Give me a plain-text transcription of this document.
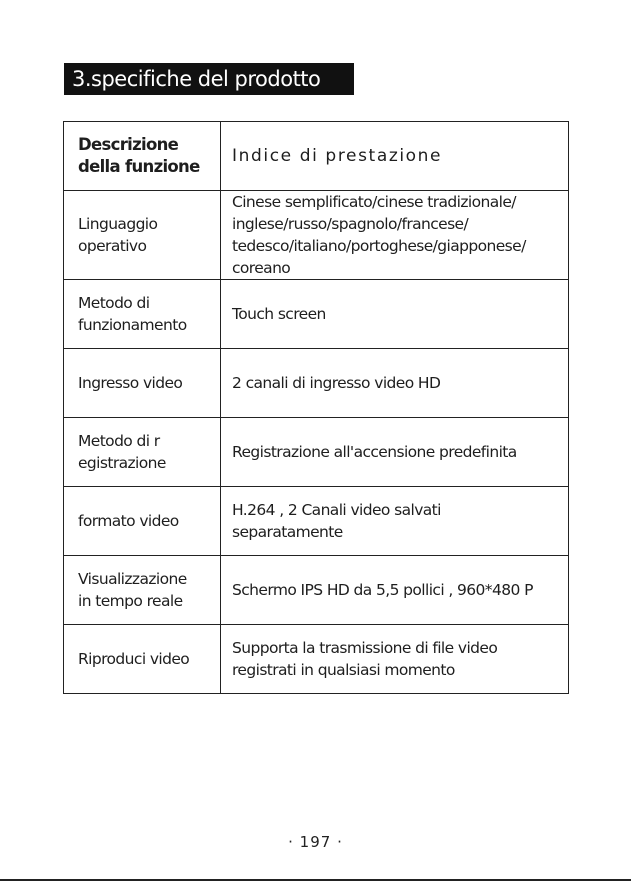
3.specifiche del prodotto
Descrizione
della funzione	Indice di prestazione

Linguaggio
operativo	Cinese semplificato/cinese tradizionale/
inglese/russo/spagnolo/francese/
tedesco/italiano/portoghese/giapponese/
coreano

Metodo di
funzionamento	Touch screen

Ingresso video	2 canali di ingresso video HD

Metodo di r
egistrazione	Registrazione all'accensione predefinita

formato video	H.264 , 2 Canali video salvati
separatamente

Visualizzazione
in tempo reale	Schermo IPS HD da 5,5 pollici , 960*480 P

Riproduci video	Supporta la trasmissione di file video
registrati in qualsiasi momento
· 197 ·
